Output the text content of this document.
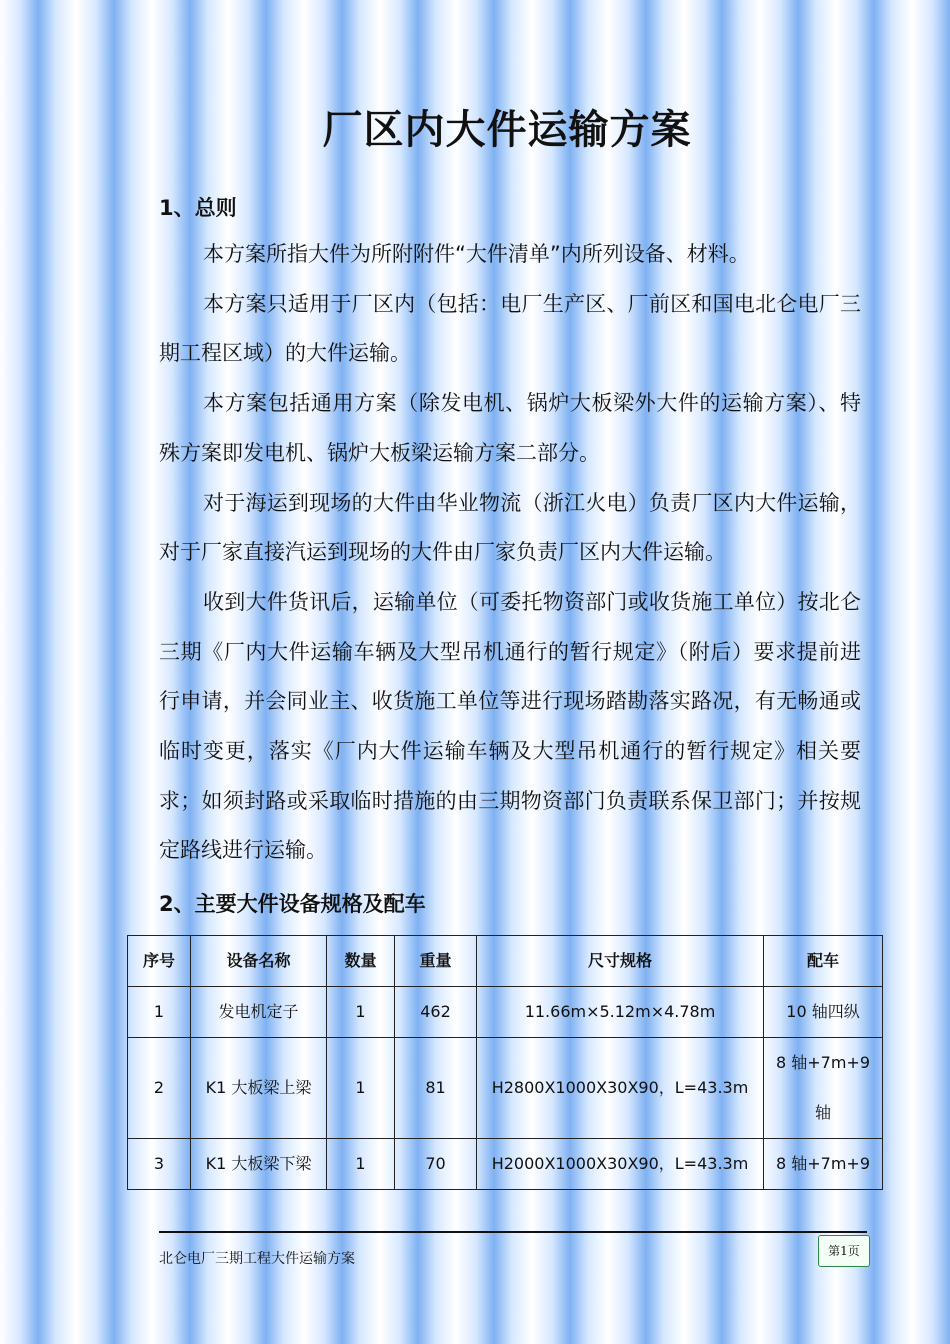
厂区内大件运输方案
1、总则

本方案所指大件为所附附件“大件清单”内所列设备、材料。

本方案只适用于厂区内（包括：电厂生产区、厂前区和国电北仑电厂三期工程区域）的大件运输。

本方案包括通用方案（除发电机、锅炉大板梁外大件的运输方案）、特殊方案即发电机、锅炉大板梁运输方案二部分。

对于海运到现场的大件由华业物流（浙江火电）负责厂区内大件运输，对于厂家直接汽运到现场的大件由厂家负责厂区内大件运输。

收到大件货讯后，运输单位（可委托物资部门或收货施工单位）按北仑三期《厂内大件运输车辆及大型吊机通行的暂行规定》（附后）要求提前进行申请，并会同业主、收货施工单位等进行现场踏勘落实路况，有无畅通或临时变更，落实《厂内大件运输车辆及大型吊机通行的暂行规定》相关要求；如须封路或采取临时措施的由三期物资部门负责联系保卫部门；并按规定路线进行运输。

2、主要大件设备规格及配车
序号	设备名称	数量	重量	尺寸规格	配车
1	发电机定子	1	462	11.66m×5.12m×4.78m	10 轴四纵
2	K1 大板梁上梁	1	81	H2800X1000X30X90，L=43.3m	8 轴+7m+9 轴
3	K1 大板梁下梁	1	70	H2000X1000X30X90，L=43.3m	8 轴+7m+9
北仑电厂三期工程大件运输方案	第1页
